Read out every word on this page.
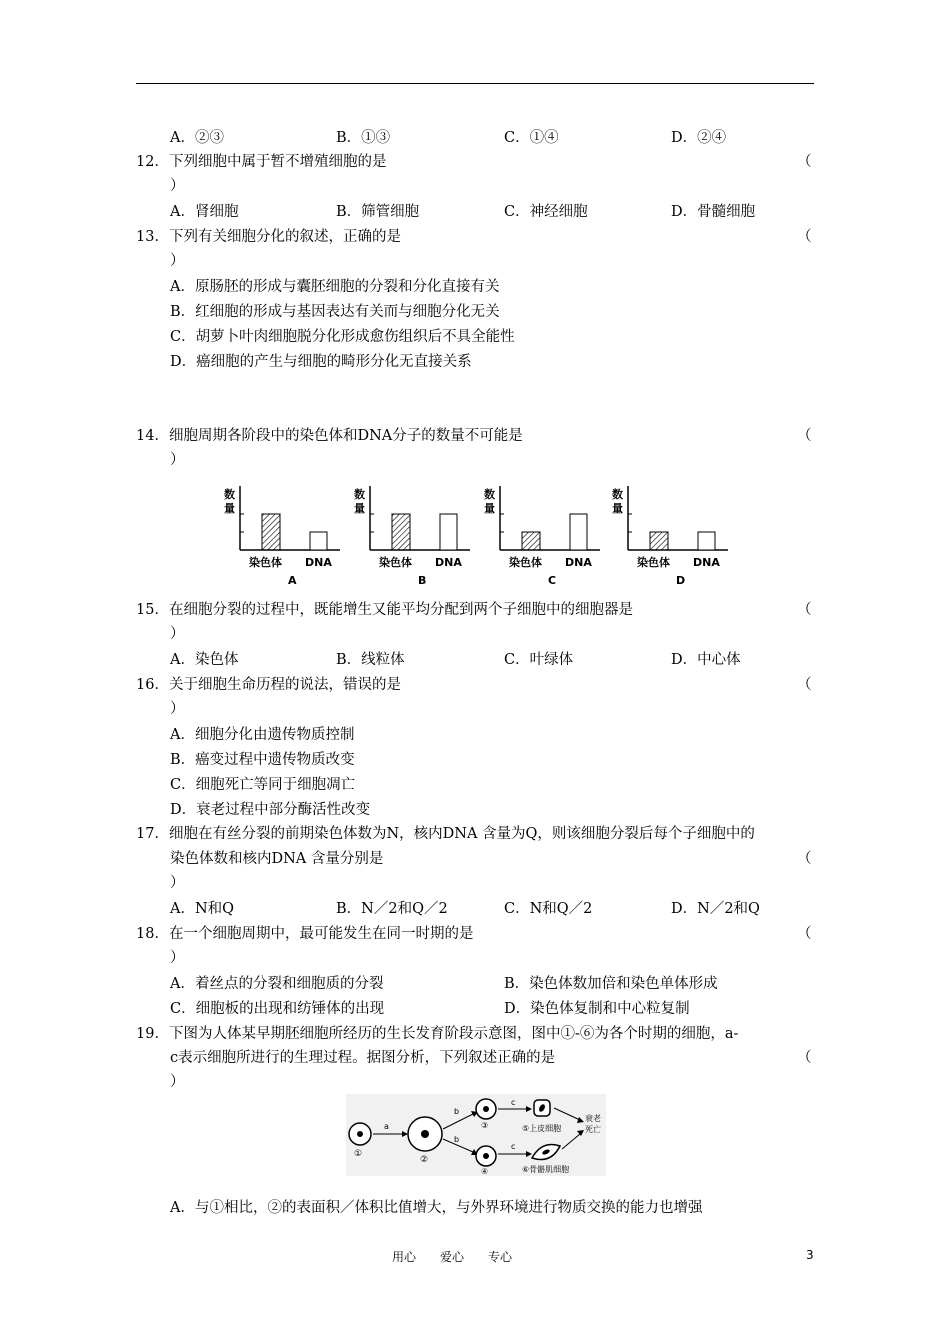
A．②③	B．①③	C．①④	D．②④
12．下列细胞中属于暂不增殖细胞的是	（
）
A．肾细胞	B．筛管细胞	C．神经细胞	D．骨髓细胞
13．下列有关细胞分化的叙述，正确的是	（
）
A．原肠胚的形成与囊胚细胞的分裂和分化直接有关
B．红细胞的形成与基因表达有关而与细胞分化无关
C．胡萝卜叶肉细胞脱分化形成愈伤组织后不具全能性
D．癌细胞的产生与细胞的畸形分化无直接关系
14．细胞周期各阶段中的染色体和DNA分子的数量不可能是	（
）
数
量
染色体 DNA
A
数
量
染色体 DNA
B
数
量
染色体 DNA
C
数
量
染色体 DNA
D
15．在细胞分裂的过程中，既能增生又能平均分配到两个子细胞中的细胞器是	（
）
A．染色体	B．线粒体	C．叶绿体	D．中心体
16．关于细胞生命历程的说法，错误的是	（
）
A．细胞分化由遗传物质控制
B．癌变过程中遗传物质改变
C．细胞死亡等同于细胞凋亡
D．衰老过程中部分酶活性改变
17．细胞在有丝分裂的前期染色体数为N，核内DNA 含量为Q，则该细胞分裂后每个子细胞中的
染色体数和核内DNA 含量分别是	（
）
A．N和Q	B．N／2和Q／2	C．N和Q／2	D．N／2和Q
18．在一个细胞周期中，最可能发生在同一时期的是	（
）
A．着丝点的分裂和细胞质的分裂	B．染色体数加倍和染色单体形成
C．细胞板的出现和纺锤体的出现	D．染色体复制和中心粒复制
19．下图为人体某早期胚细胞所经历的生长发育阶段示意图，图中①-⑥为各个时期的细胞，a-
c表示细胞所进行的生理过程。据图分析，下列叙述正确的是	（
）
①
a
②
b
b
③
④
c
c
⑤上皮细胞
⑥骨骼肌细胞
衰老
死亡
A．与①相比，②的表面积／体积比值增大，与外界环境进行物质交换的能力也增强
用心　　爱心　　专心	3
